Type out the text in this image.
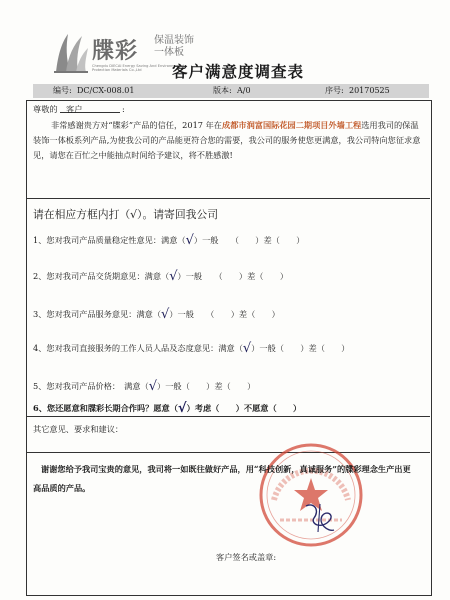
牒彩 保温装饰
一体板
Chengdu DIECAI Energy Saving And Environmental
Protection Materials Co.,Ltd	客户满意度调查表
编号: DC/CX-008.01	版本: A/0	序号: 20170525
尊敬的 客户	:
非常感谢贵方对“牒彩”产品的信任，2017 年在成都市润富国际花园二期项目外墙工程选用我司的保温装饰一体板系列产品,为使我公司的产品能更符合您的需要，我公司的服务使您更满意，我公司特向您征求意见，请您在百忙之中能抽点时间给予建议，将不胜感激!
请在相应方框内打（√）。请寄回我公司
1、您对我司产品质量稳定性意见：满意（√）一般　　（　　）差（　　）
2、您对我司产品交货期意见：满意（√）一般　　（　　）差（　　）
3、您对我司产品服务意见：满意（√）一般　　（　　）差（　　）
4、您对我司直接服务的工作人员人品及态度意见：满意（√）一般（　　）差（　　）
5、您对我司产品价格：　满意（√）一般（　　）差（　　）
6、您还愿意和牒彩长期合作吗？愿意（√）考虑（　　）不愿意（　　）
其它意见、要求和建议：
谢谢您给予我司宝贵的意见，我司将一如既往做好产品，用“科技创新，真诚服务”的牒彩理念生产出更高品质的产品。
客户签名或盖章:
